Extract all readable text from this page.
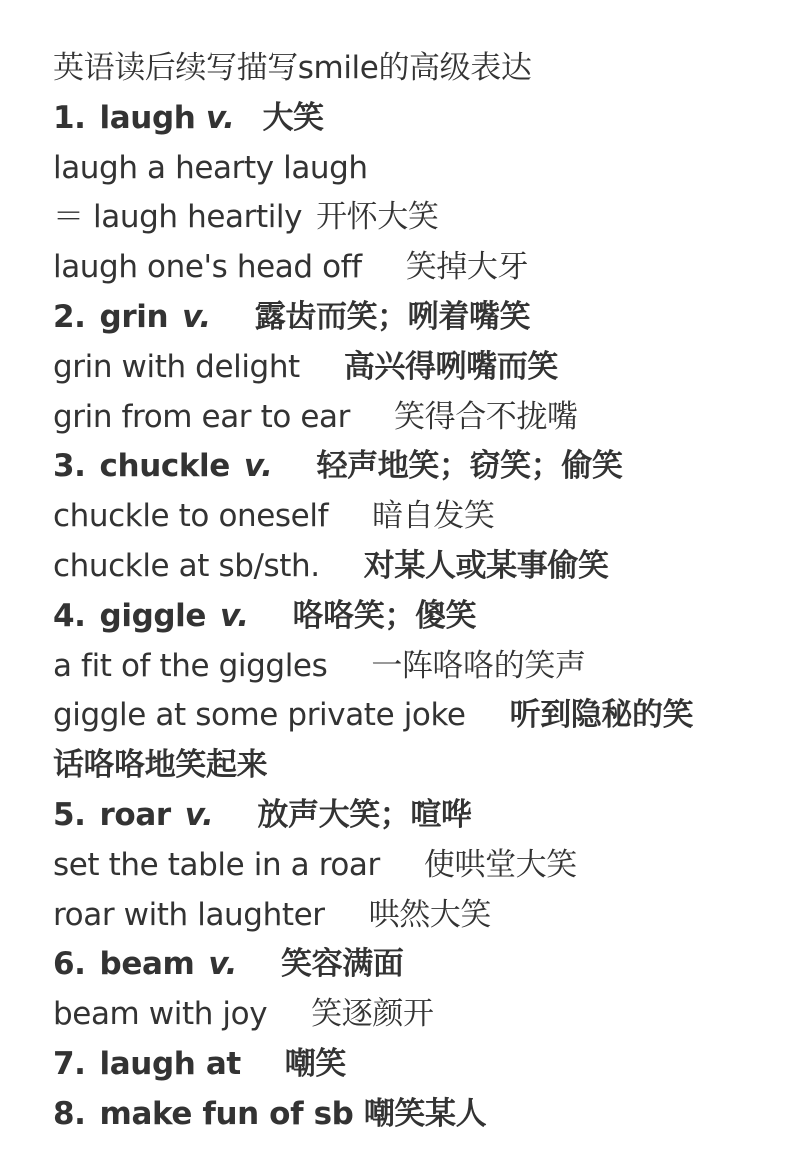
英语读后续写描写smile的高级表达
1. laugh v. 大笑
laugh a hearty laugh
＝ laugh heartily 开怀大笑
laugh one's head off 笑掉大牙
2. grin v. 露齿而笑；咧着嘴笑
grin with delight 高兴得咧嘴而笑
grin from ear to ear 笑得合不拢嘴
3. chuckle v. 轻声地笑；窃笑；偷笑
chuckle to oneself 暗自发笑
chuckle at sb/sth. 对某人或某事偷笑
4. giggle v. 咯咯笑；傻笑
a fit of the giggles 一阵咯咯的笑声
giggle at some private joke 听到隐秘的笑
话咯咯地笑起来
5. roar v. 放声大笑；喧哗
set the table in a roar 使哄堂大笑
roar with laughter 哄然大笑
6. beam v. 笑容满面
beam with joy 笑逐颜开
7. laugh at 嘲笑
8. make fun of sb 嘲笑某人
